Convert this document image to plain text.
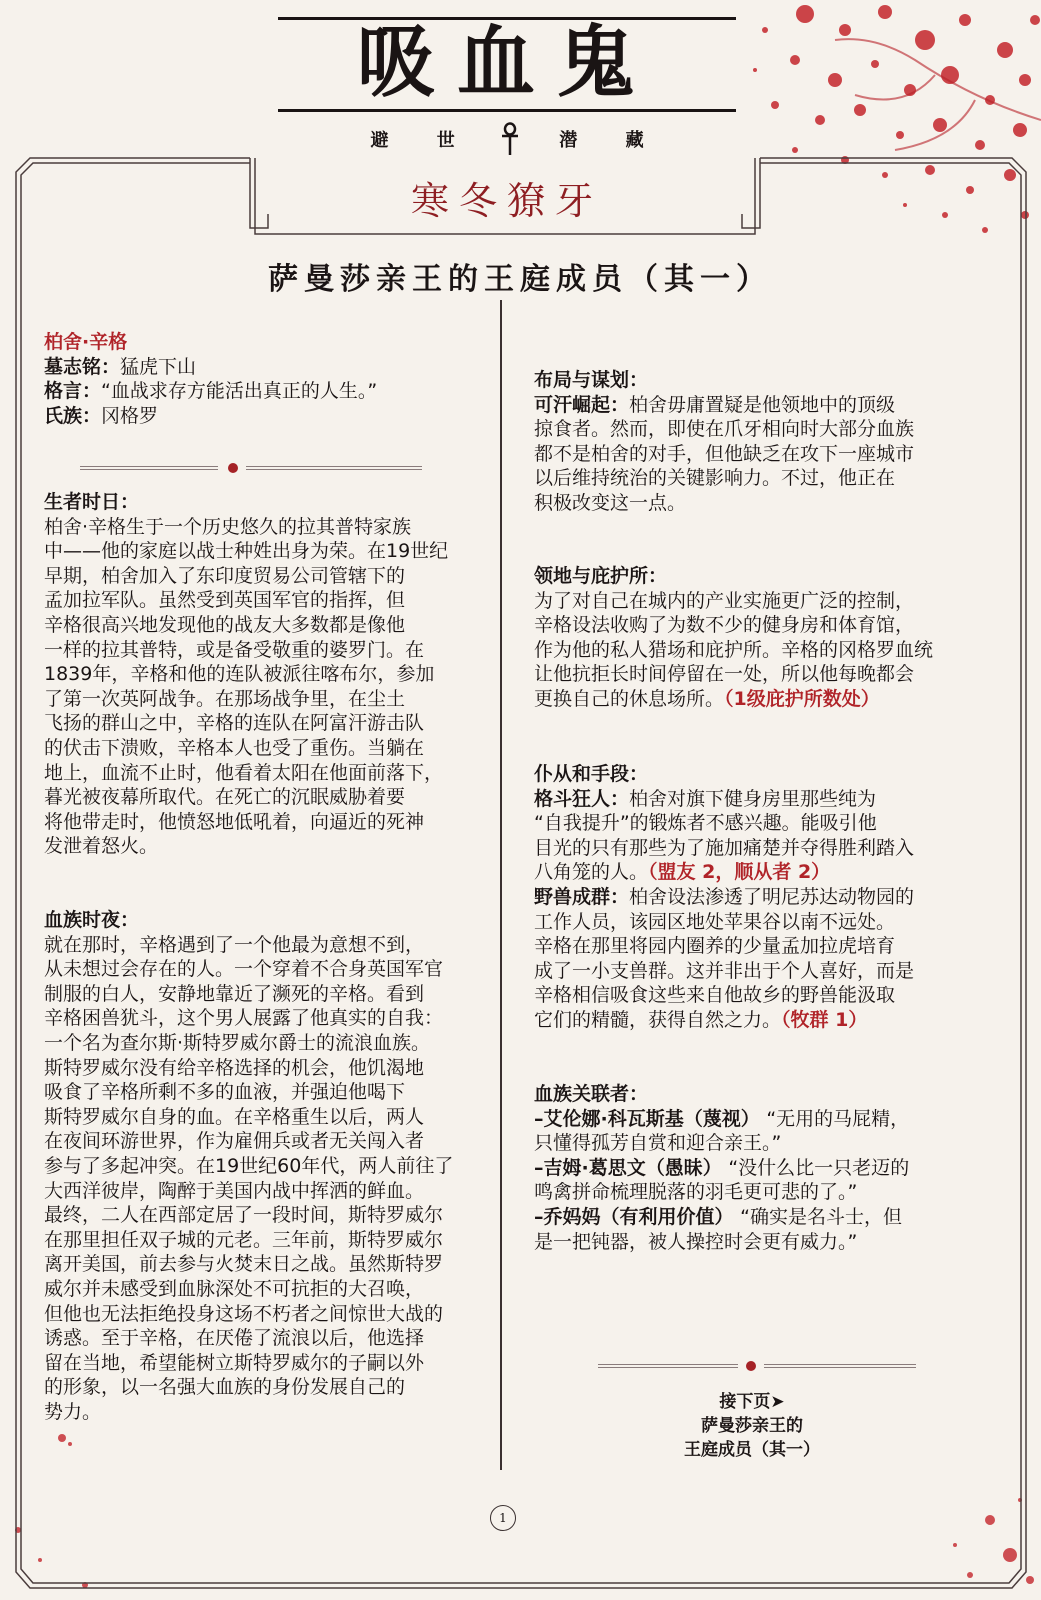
吸血鬼
避	世	潜	藏
寒冬獠牙
萨曼莎亲王的王庭成员（其一）

柏舍·辛格

墓志铭：猛虎下山

格言：“血战求存方能活出真正的人生。”

氏族：冈格罗

生者时日：

柏舍·辛格生于一个历史悠久的拉其普特家族

中——他的家庭以战士种姓出身为荣。在19世纪

早期，柏舍加入了东印度贸易公司管辖下的

孟加拉军队。虽然受到英国军官的指挥，但

辛格很高兴地发现他的战友大多数都是像他

一样的拉其普特，或是备受敬重的婆罗门。在

1839年，辛格和他的连队被派往喀布尔，参加

了第一次英阿战争。在那场战争里，在尘土

飞扬的群山之中，辛格的连队在阿富汗游击队

的伏击下溃败，辛格本人也受了重伤。当躺在

地上，血流不止时，他看着太阳在他面前落下，

暮光被夜幕所取代。在死亡的沉眠威胁着要

将他带走时，他愤怒地低吼着，向逼近的死神

发泄着怒火。

血族时夜：

就在那时，辛格遇到了一个他最为意想不到，

从未想过会存在的人。一个穿着不合身英国军官

制服的白人，安静地靠近了濒死的辛格。看到

辛格困兽犹斗，这个男人展露了他真实的自我：

一个名为查尔斯·斯特罗威尔爵士的流浪血族。

斯特罗威尔没有给辛格选择的机会，他饥渴地

吸食了辛格所剩不多的血液，并强迫他喝下

斯特罗威尔自身的血。在辛格重生以后，两人

在夜间环游世界，作为雇佣兵或者无关闯入者

参与了多起冲突。在19世纪60年代，两人前往了

大西洋彼岸，陶醉于美国内战中挥洒的鲜血。

最终，二人在西部定居了一段时间，斯特罗威尔

在那里担任双子城的元老。三年前，斯特罗威尔

离开美国，前去参与火焚末日之战。虽然斯特罗

威尔并未感受到血脉深处不可抗拒的大召唤，

但他也无法拒绝投身这场不朽者之间惊世大战的

诱惑。至于辛格，在厌倦了流浪以后，他选择

留在当地，希望能树立斯特罗威尔的子嗣以外

的形象，以一名强大血族的身份发展自己的

势力。

布局与谋划：

可汗崛起：柏舍毋庸置疑是他领地中的顶级

掠食者。然而，即使在爪牙相向时大部分血族

都不是柏舍的对手，但他缺乏在攻下一座城市

以后维持统治的关键影响力。不过，他正在

积极改变这一点。

领地与庇护所：

为了对自己在城内的产业实施更广泛的控制，

辛格设法收购了为数不少的健身房和体育馆，

作为他的私人猎场和庇护所。辛格的冈格罗血统

让他抗拒长时间停留在一处，所以他每晚都会

更换自己的休息场所。（1级庇护所数处）

仆从和手段：

格斗狂人：柏舍对旗下健身房里那些纯为

“自我提升”的锻炼者不感兴趣。能吸引他

目光的只有那些为了施加痛楚并夺得胜利踏入

八角笼的人。（盟友 2，顺从者 2）

野兽成群：柏舍设法渗透了明尼苏达动物园的

工作人员，该园区地处苹果谷以南不远处。

辛格在那里将园内圈养的少量孟加拉虎培育

成了一小支兽群。这并非出于个人喜好，而是

辛格相信吸食这些来自他故乡的野兽能汲取

它们的精髓，获得自然之力。（牧群 1）

血族关联者：

–艾伦娜·科瓦斯基（蔑视） “无用的马屁精，

只懂得孤芳自赏和迎合亲王。”

–吉姆·葛思文（愚昧） “没什么比一只老迈的

鸣禽拼命梳理脱落的羽毛更可悲的了。”

–乔妈妈（有利用价值） “确实是名斗士，但

是一把钝器，被人操控时会更有威力。”

接下页➤
萨曼莎亲王的
王庭成员（其一）
1
